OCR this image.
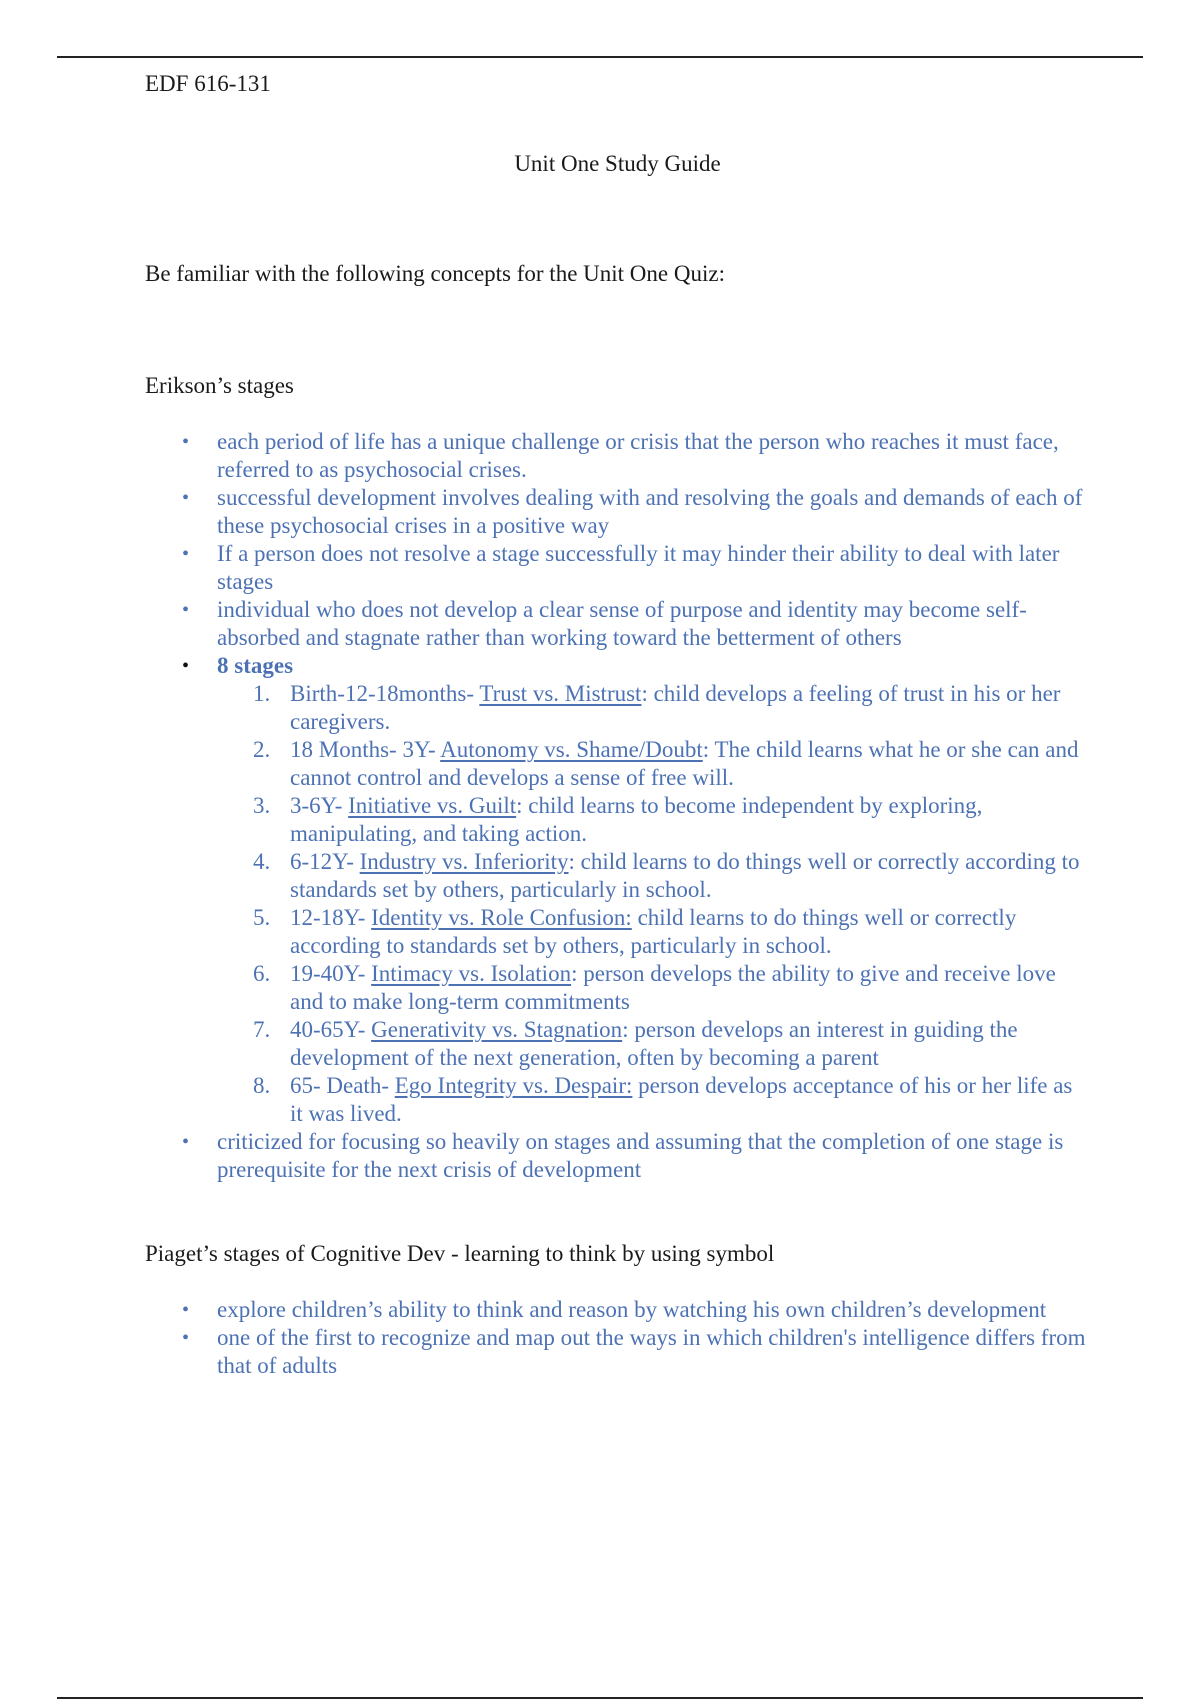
EDF 616-131

Unit One Study Guide

Be familiar with the following concepts for the Unit One Quiz:

Erikson’s stages
• each period of life has a unique challenge or crisis that the person who reaches it must face, referred to as psychosocial crises.
• successful development involves dealing with and resolving the goals and demands of each of these psychosocial crises in a positive way
• If a person does not resolve a stage successfully it may hinder their ability to deal with later stages
• individual who does not develop a clear sense of purpose and identity may become self-absorbed and stagnate rather than working toward the betterment of others
• 8 stages
1. Birth-12-18months- Trust vs. Mistrust: child develops a feeling of trust in his or her caregivers.
2. 18 Months- 3Y- Autonomy vs. Shame/Doubt: The child learns what he or she can and cannot control and develops a sense of free will.
3. 3-6Y- Initiative vs. Guilt: child learns to become independent by exploring, manipulating, and taking action.
4. 6-12Y- Industry vs. Inferiority: child learns to do things well or correctly according to standards set by others, particularly in school.
5. 12-18Y- Identity vs. Role Confusion: child learns to do things well or correctly according to standards set by others, particularly in school.
6. 19-40Y- Intimacy vs. Isolation: person develops the ability to give and receive love and to make long-term commitments
7. 40-65Y- Generativity vs. Stagnation: person develops an interest in guiding the development of the next generation, often by becoming a parent
8. 65- Death- Ego Integrity vs. Despair: person develops acceptance of his or her life as it was lived.
• criticized for focusing so heavily on stages and assuming that the completion of one stage is prerequisite for the next crisis of development
Piaget’s stages of Cognitive Dev - learning to think by using symbol
• explore children’s ability to think and reason by watching his own children’s development
• one of the first to recognize and map out the ways in which children's intelligence differs from that of adults
